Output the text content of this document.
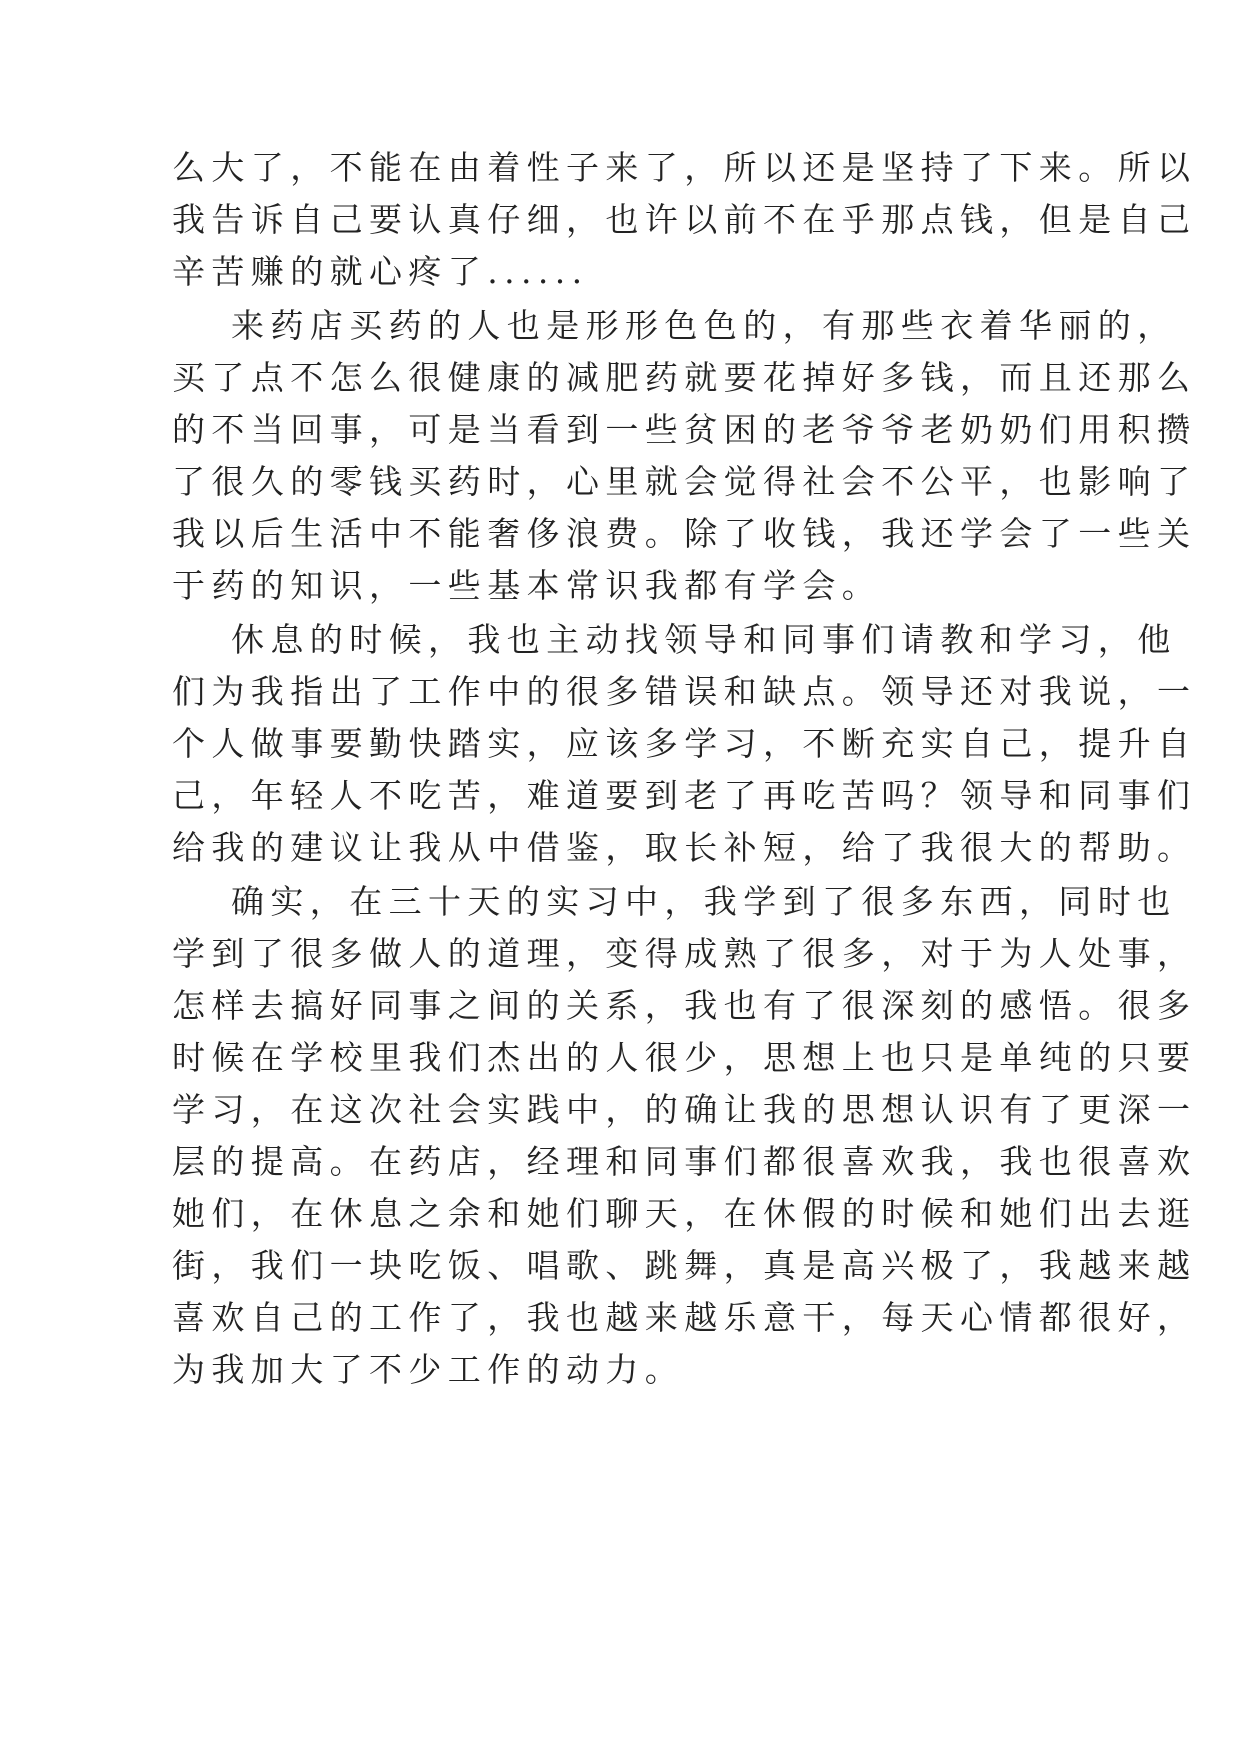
么大了，不能在由着性子来了，所以还是坚持了下来。所以
我告诉自己要认真仔细，也许以前不在乎那点钱，但是自己
辛苦赚的就心疼了......
来药店买药的人也是形形色色的，有那些衣着华丽的，
买了点不怎么很健康的减肥药就要花掉好多钱，而且还那么
的不当回事，可是当看到一些贫困的老爷爷老奶奶们用积攒
了很久的零钱买药时，心里就会觉得社会不公平，也影响了
我以后生活中不能奢侈浪费。除了收钱，我还学会了一些关
于药的知识，一些基本常识我都有学会。
休息的时候，我也主动找领导和同事们请教和学习，他
们为我指出了工作中的很多错误和缺点。领导还对我说，一
个人做事要勤快踏实，应该多学习，不断充实自己，提升自
己，年轻人不吃苦，难道要到老了再吃苦吗？领导和同事们
给我的建议让我从中借鉴，取长补短，给了我很大的帮助。
确实，在三十天的实习中，我学到了很多东西，同时也
学到了很多做人的道理，变得成熟了很多，对于为人处事，
怎样去搞好同事之间的关系，我也有了很深刻的感悟。很多
时候在学校里我们杰出的人很少，思想上也只是单纯的只要
学习，在这次社会实践中，的确让我的思想认识有了更深一
层的提高。在药店，经理和同事们都很喜欢我，我也很喜欢
她们，在休息之余和她们聊天，在休假的时候和她们出去逛
街，我们一块吃饭、唱歌、跳舞，真是高兴极了，我越来越
喜欢自己的工作了，我也越来越乐意干，每天心情都很好，
为我加大了不少工作的动力。
